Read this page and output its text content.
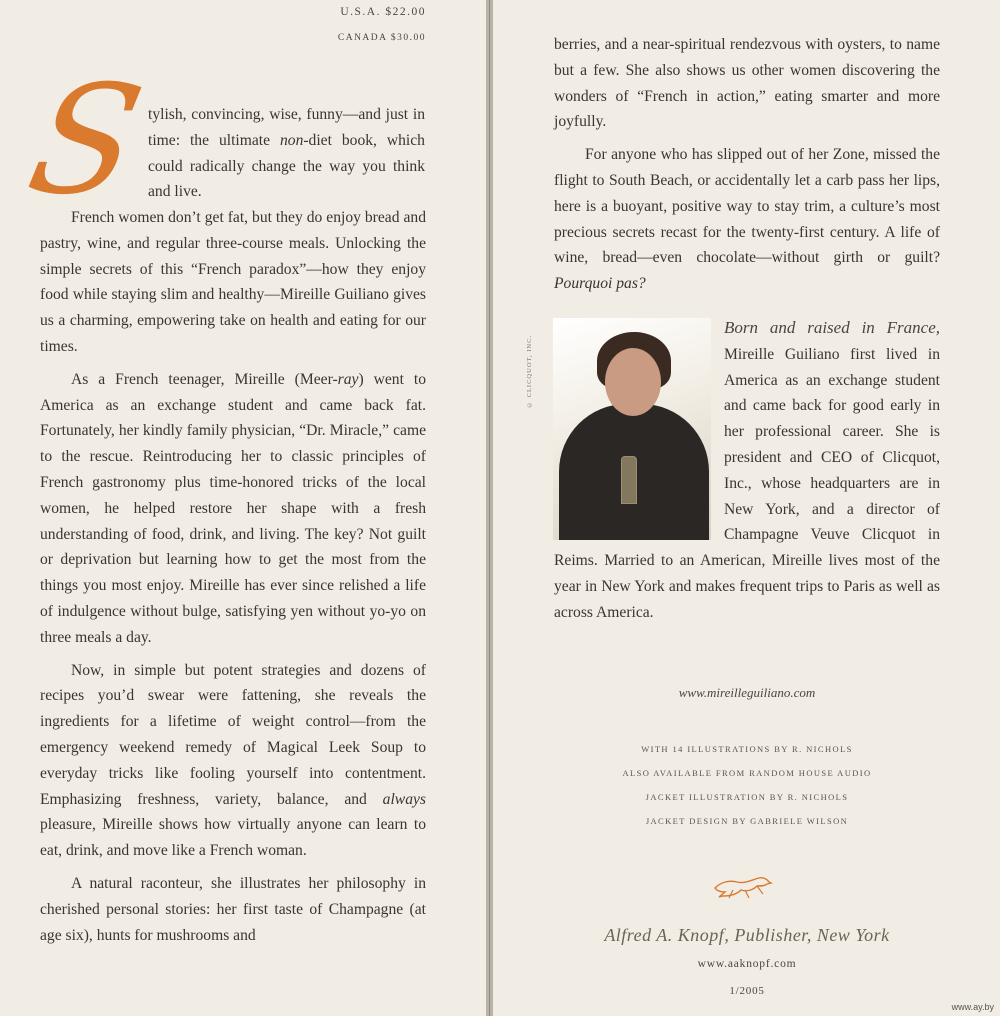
U.S.A. $22.00
CANADA $30.00
S

tylish, convincing, wise, funny—and just in time: the ultimate non-diet book, which could radically change the way you think and live.

French women don’t get fat, but they do enjoy bread and pastry, wine, and regular three-course meals. Unlocking the simple secrets of this “French paradox”—how they enjoy food while staying slim and healthy—Mireille Guiliano gives us a charming, empowering take on health and eating for our times.

As a French teenager, Mireille (Meer-ray) went to America as an exchange student and came back fat. Fortunately, her kindly family physician, “Dr. Miracle,” came to the rescue. Reintroducing her to classic principles of French gastronomy plus time-honored tricks of the local women, he helped restore her shape with a fresh understanding of food, drink, and living. The key? Not guilt or deprivation but learning how to get the most from the things you most enjoy. Mireille has ever since relished a life of indulgence without bulge, satisfying yen without yo-yo on three meals a day.

Now, in simple but potent strategies and dozens of recipes you’d swear were fattening, she reveals the ingredients for a lifetime of weight control—from the emergency weekend remedy of Magical Leek Soup to everyday tricks like fooling yourself into contentment. Emphasizing freshness, variety, balance, and always pleasure, Mireille shows how virtually anyone can learn to eat, drink, and move like a French woman.

A natural raconteur, she illustrates her philosophy in cherished personal stories: her first taste of Champagne (at age six), hunts for mushrooms and

berries, and a near-spiritual rendezvous with oysters, to name but a few. She also shows us other women discovering the wonders of “French in action,” eating smarter and more joyfully.

For anyone who has slipped out of her Zone, missed the flight to South Beach, or accidentally let a carb pass her lips, here is a buoyant, positive way to stay trim, a culture’s most precious secrets recast for the twenty-first century. A life of wine, bread—even chocolate—without girth or guilt? Pourquoi pas?

© CLICQUOT, INC.
Born and raised in France, Mireille Guiliano first lived in America as an exchange student and came back for good early in her professional career. She is president and CEO of Clicquot, Inc., whose headquarters are in New York, and a director of Champagne Veuve Clicquot in Reims. Married to an American, Mireille lives most of the year in New York and makes frequent trips to Paris as well as across America.
www.mireilleguiliano.com
WITH 14 ILLUSTRATIONS BY R. NICHOLS
ALSO AVAILABLE FROM RANDOM HOUSE AUDIO
JACKET ILLUSTRATION BY R. NICHOLS
JACKET DESIGN BY GABRIELE WILSON
Alfred A. Knopf, Publisher, New York
www.aaknopf.com
1/2005
www.ay.by
